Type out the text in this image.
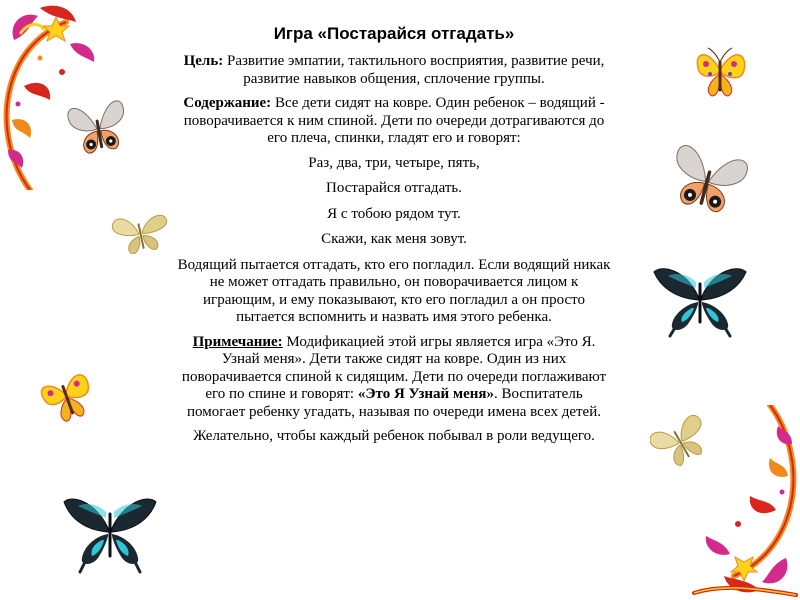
Игра «Постарайся отгадать»
Цель: Развитие эмпатии, тактильного восприятия, развитие речи, развитие навыков общения, сплочение группы.
Содержание: Все дети сидят на ковре. Один ребенок – водящий - поворачивается к ним спиной. Дети по очереди дотрагиваются до его плеча, спинки, гладят его и говорят:
Раз, два, три, четыре, пять,
Постарайся отгадать.
Я с тобою рядом тут.
Скажи, как меня зовут.
Водящий пытается отгадать, кто его погладил. Если водящий никак не может отгадать правильно, он поворачивается лицом к играющим, и ему показывают, кто его погладил а он просто пытается вспомнить и назвать имя этого ребенка.
Примечание: Модификацией этой игры является игра «Это Я. Узнай меня». Дети также сидят на ковре. Один из них поворачивается спиной к сидящим. Дети по очереди поглаживают его по спине и говорят: «Это Я Узнай меня». Воспитатель помогает ребенку угадать, называя по очереди имена всех детей.
Желательно, чтобы каждый ребенок побывал в роли ведущего.
